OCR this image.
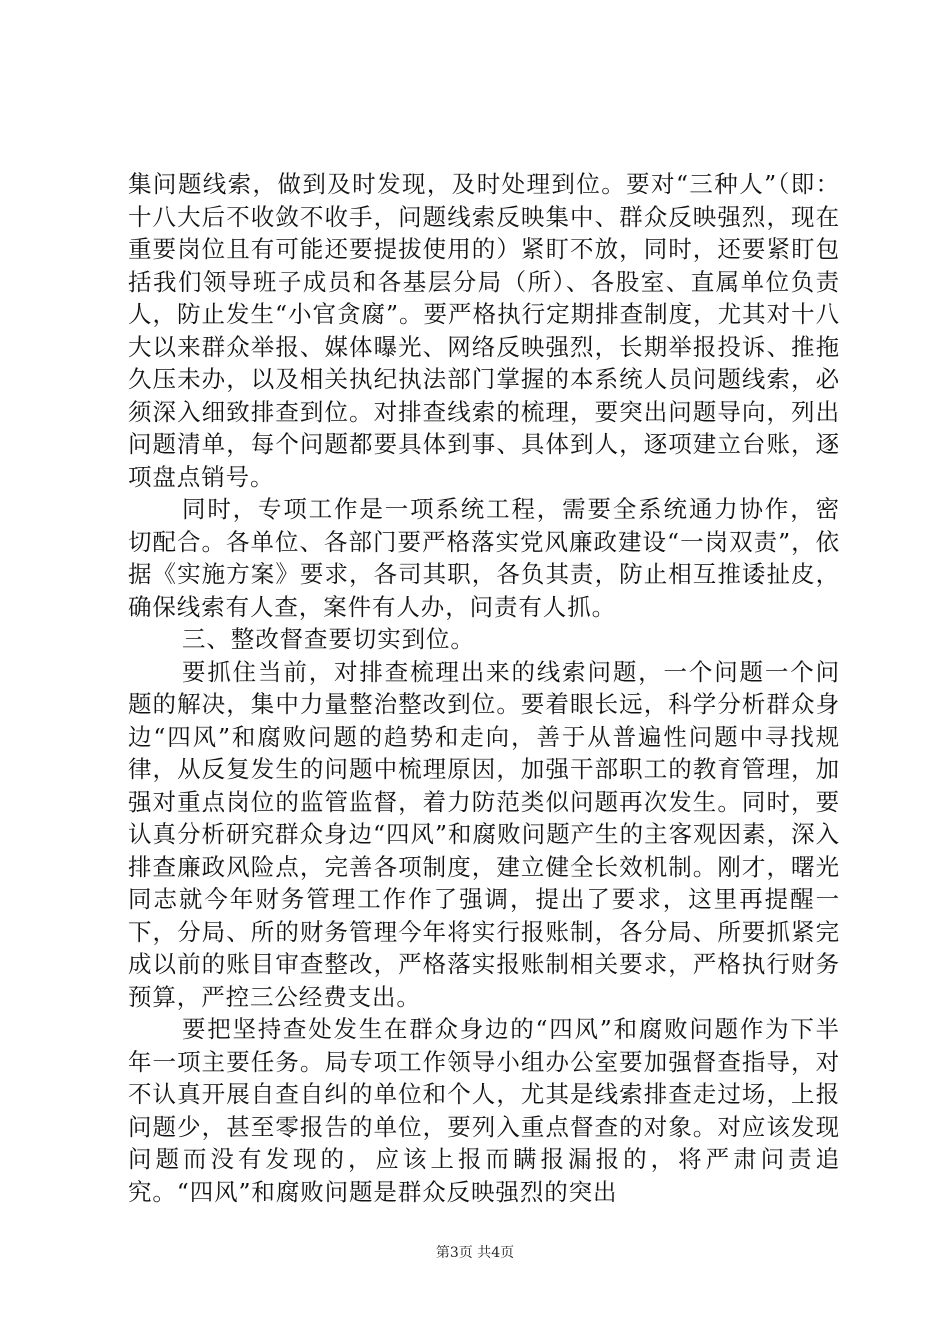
集问题线索，做到及时发现，及时处理到位。要对“三种人”（即：十八大后不收敛不收手，问题线索反映集中、群众反映强烈，现在重要岗位且有可能还要提拔使用的）紧盯不放，同时，还要紧盯包括我们领导班子成员和各基层分局（所）、各股室、直属单位负责人，防止发生“小官贪腐”。要严格执行定期排查制度，尤其对十八大以来群众举报、媒体曝光、网络反映强烈，长期举报投诉、推拖久压未办，以及相关执纪执法部门掌握的本系统人员问题线索，必须深入细致排查到位。对排查线索的梳理，要突出问题导向，列出问题清单，每个问题都要具体到事、具体到人，逐项建立台账，逐项盘点销号。

同时，专项工作是一项系统工程，需要全系统通力协作，密切配合。各单位、各部门要严格落实党风廉政建设“一岗双责”，依据《实施方案》要求，各司其职，各负其责，防止相互推诿扯皮，确保线索有人查，案件有人办，问责有人抓。

三、整改督查要切实到位。

要抓住当前，对排查梳理出来的线索问题，一个问题一个问题的解决，集中力量整治整改到位。要着眼长远，科学分析群众身边“四风”和腐败问题的趋势和走向，善于从普遍性问题中寻找规律，从反复发生的问题中梳理原因，加强干部职工的教育管理，加强对重点岗位的监管监督，着力防范类似问题再次发生。同时，要认真分析研究群众身边“四风”和腐败问题产生的主客观因素，深入排查廉政风险点，完善各项制度，建立健全长效机制。刚才，曙光同志就今年财务管理工作作了强调，提出了要求，这里再提醒一下，分局、所的财务管理今年将实行报账制，各分局、所要抓紧完成以前的账目审查整改，严格落实报账制相关要求，严格执行财务预算，严控三公经费支出。

要把坚持查处发生在群众身边的“四风”和腐败问题作为下半年一项主要任务。局专项工作领导小组办公室要加强督查指导，对不认真开展自查自纠的单位和个人，尤其是线索排查走过场，上报问题少，甚至零报告的单位，要列入重点督查的对象。对应该发现问题而没有发现的，应该上报而瞒报漏报的，将严肃问责追究。“四风”和腐败问题是群众反映强烈的突出

第3页 共4页
